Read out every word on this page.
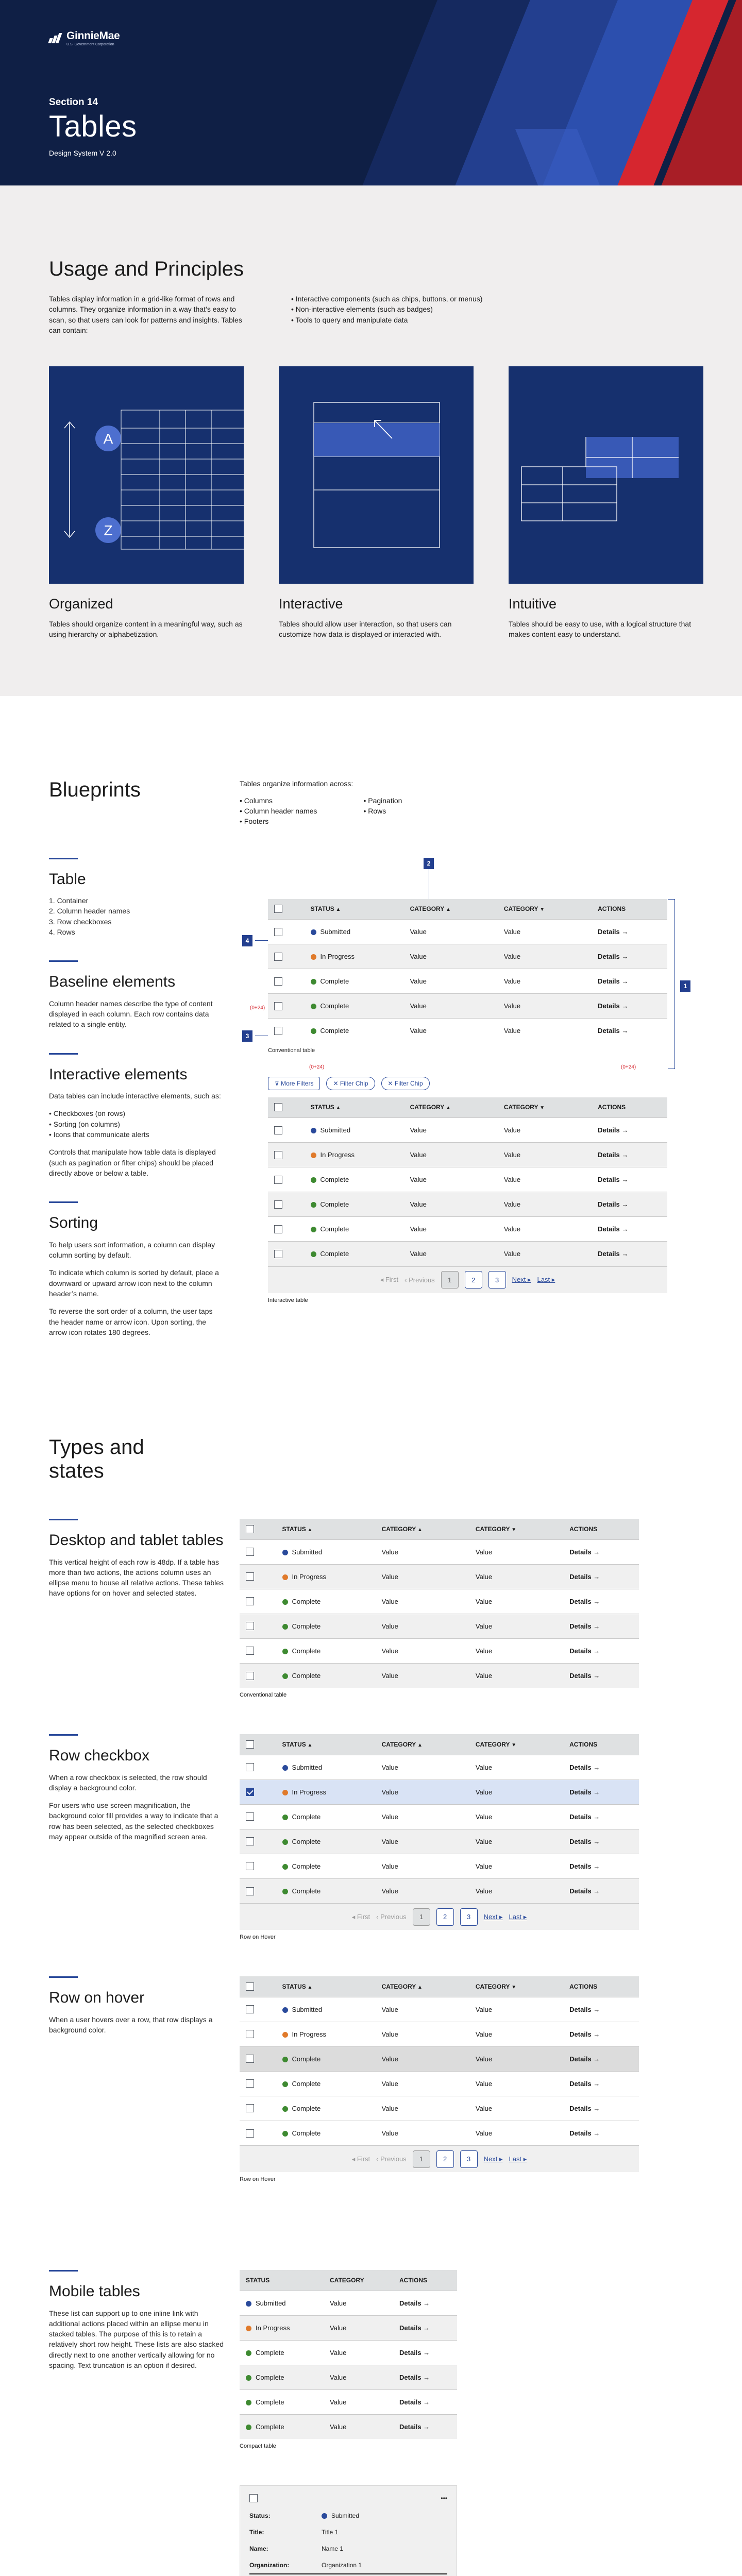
GinnieMae
U.S. Government Corporation
Section 14
Tables
Design System V 2.0
Usage and Principles

Tables display information in a grid-like format of rows and columns. They organize information in a way that’s easy to scan, so that users can look for patterns and insights. Tables can contain:

• Interactive components (such as chips, buttons, or menus)
• Non-interactive elements (such as badges)
• Tools to query and manipulate data
A
Z
Organized

Tables should organize content in a meaningful way, such as using hierarchy or alphabetization.

Interactive

Tables should allow user interaction, so that users can customize how data is displayed or interacted with.

Intuitive

Tables should be easy to use, with a logical structure that makes content easy to understand.

Blueprints	Tables organize information across:
• Columns
• Column header names
• Footers
• Pagination
• Rows
Table
1. Container
2. Column header names
3. Row checkboxes
4. Rows
Baseline elements

Column header names describe the type of content displayed in each column. Each row contains data related to a single entity.

Interactive elements

Data tables can include interactive elements, such as:

• Checkboxes (on rows)
• Sorting (on columns)
• Icons that communicate alerts

Controls that manipulate how table data is displayed (such as pagination or filter chips) should be placed directly above or below a table.

Sorting

To help users sort information, a column can display column sorting by default.

To indicate which column is sorted by default, place a downward or upward arrow icon next to the column header’s name.

To reverse the sort order of a column, the user taps the header name or arrow icon. Upon sorting, the arrow icon rotates 180 degrees.

2
1
4
3
(0+24)
(0+24)	(0+24)
	STATUS ▲	CATEGORY ▲	CATEGORY ▼	ACTIONS
	Submitted	Value	Value	Details →
	In Progress	Value	Value	Details →
	Complete	Value	Value	Details →
	Complete	Value	Value	Details →
	Complete	Value	Value	Details →
Conventional table
⊽ More Filters	✕ Filter Chip	✕ Filter Chip
	STATUS ▲	CATEGORY ▲	CATEGORY ▼	ACTIONS
	Submitted	Value	Value	Details →
	In Progress	Value	Value	Details →
	Complete	Value	Value	Details →
	Complete	Value	Value	Details →
	Complete	Value	Value	Details →
	Complete	Value	Value	Details →
◂ First ‹ Previous	1	2	3	Next ▸ Last ▸
Interactive table
Types and states
Desktop and tablet tables

This vertical height of each row is 48dp. If a table has more than two actions, the actions column uses an ellipse menu to house all relative actions. These tables have options for on hover and selected states.

	STATUS ▲	CATEGORY ▲	CATEGORY ▼	ACTIONS
	Submitted	Value	Value	Details →
	In Progress	Value	Value	Details →
	Complete	Value	Value	Details →
	Complete	Value	Value	Details →
	Complete	Value	Value	Details →
	Complete	Value	Value	Details →
Conventional table
Row checkbox

When a row checkbox is selected, the row should display a background color.

For users who use screen magnification, the background color fill provides a way to indicate that a row has been selected, as the selected checkboxes may appear outside of the magnified screen area.

	STATUS ▲	CATEGORY ▲	CATEGORY ▼	ACTIONS
	Submitted	Value	Value	Details →
	In Progress	Value	Value	Details →
	Complete	Value	Value	Details →
	Complete	Value	Value	Details →
	Complete	Value	Value	Details →
	Complete	Value	Value	Details →
◂ First ‹ Previous	1	2	3	Next ▸ Last ▸
Row on Hover
Row on hover

When a user hovers over a row, that row displays a background color.

	STATUS ▲	CATEGORY ▲	CATEGORY ▼	ACTIONS
	Submitted	Value	Value	Details →
	In Progress	Value	Value	Details →
	Complete	Value	Value	Details →
	Complete	Value	Value	Details →
	Complete	Value	Value	Details →
	Complete	Value	Value	Details →
◂ First ‹ Previous	1	2	3	Next ▸ Last ▸
Row on Hover
Mobile tables

These list can support up to one inline link with additional actions placed within an ellipse menu in stacked tables. The purpose of this is to retain a relatively short row height. These lists are also stacked directly next to one another vertically allowing for no spacing. Text truncation is an option if desired.

STATUS	CATEGORY	ACTIONS
Submitted	Value	Details →
In Progress	Value	Details →
Complete	Value	Details →
Complete	Value	Details →
Complete	Value	Details →
Complete	Value	Details →
Compact table
•••
Status:	Submitted
Title:	Title 1
Name:	Name 1
Organization:	Organization 1
